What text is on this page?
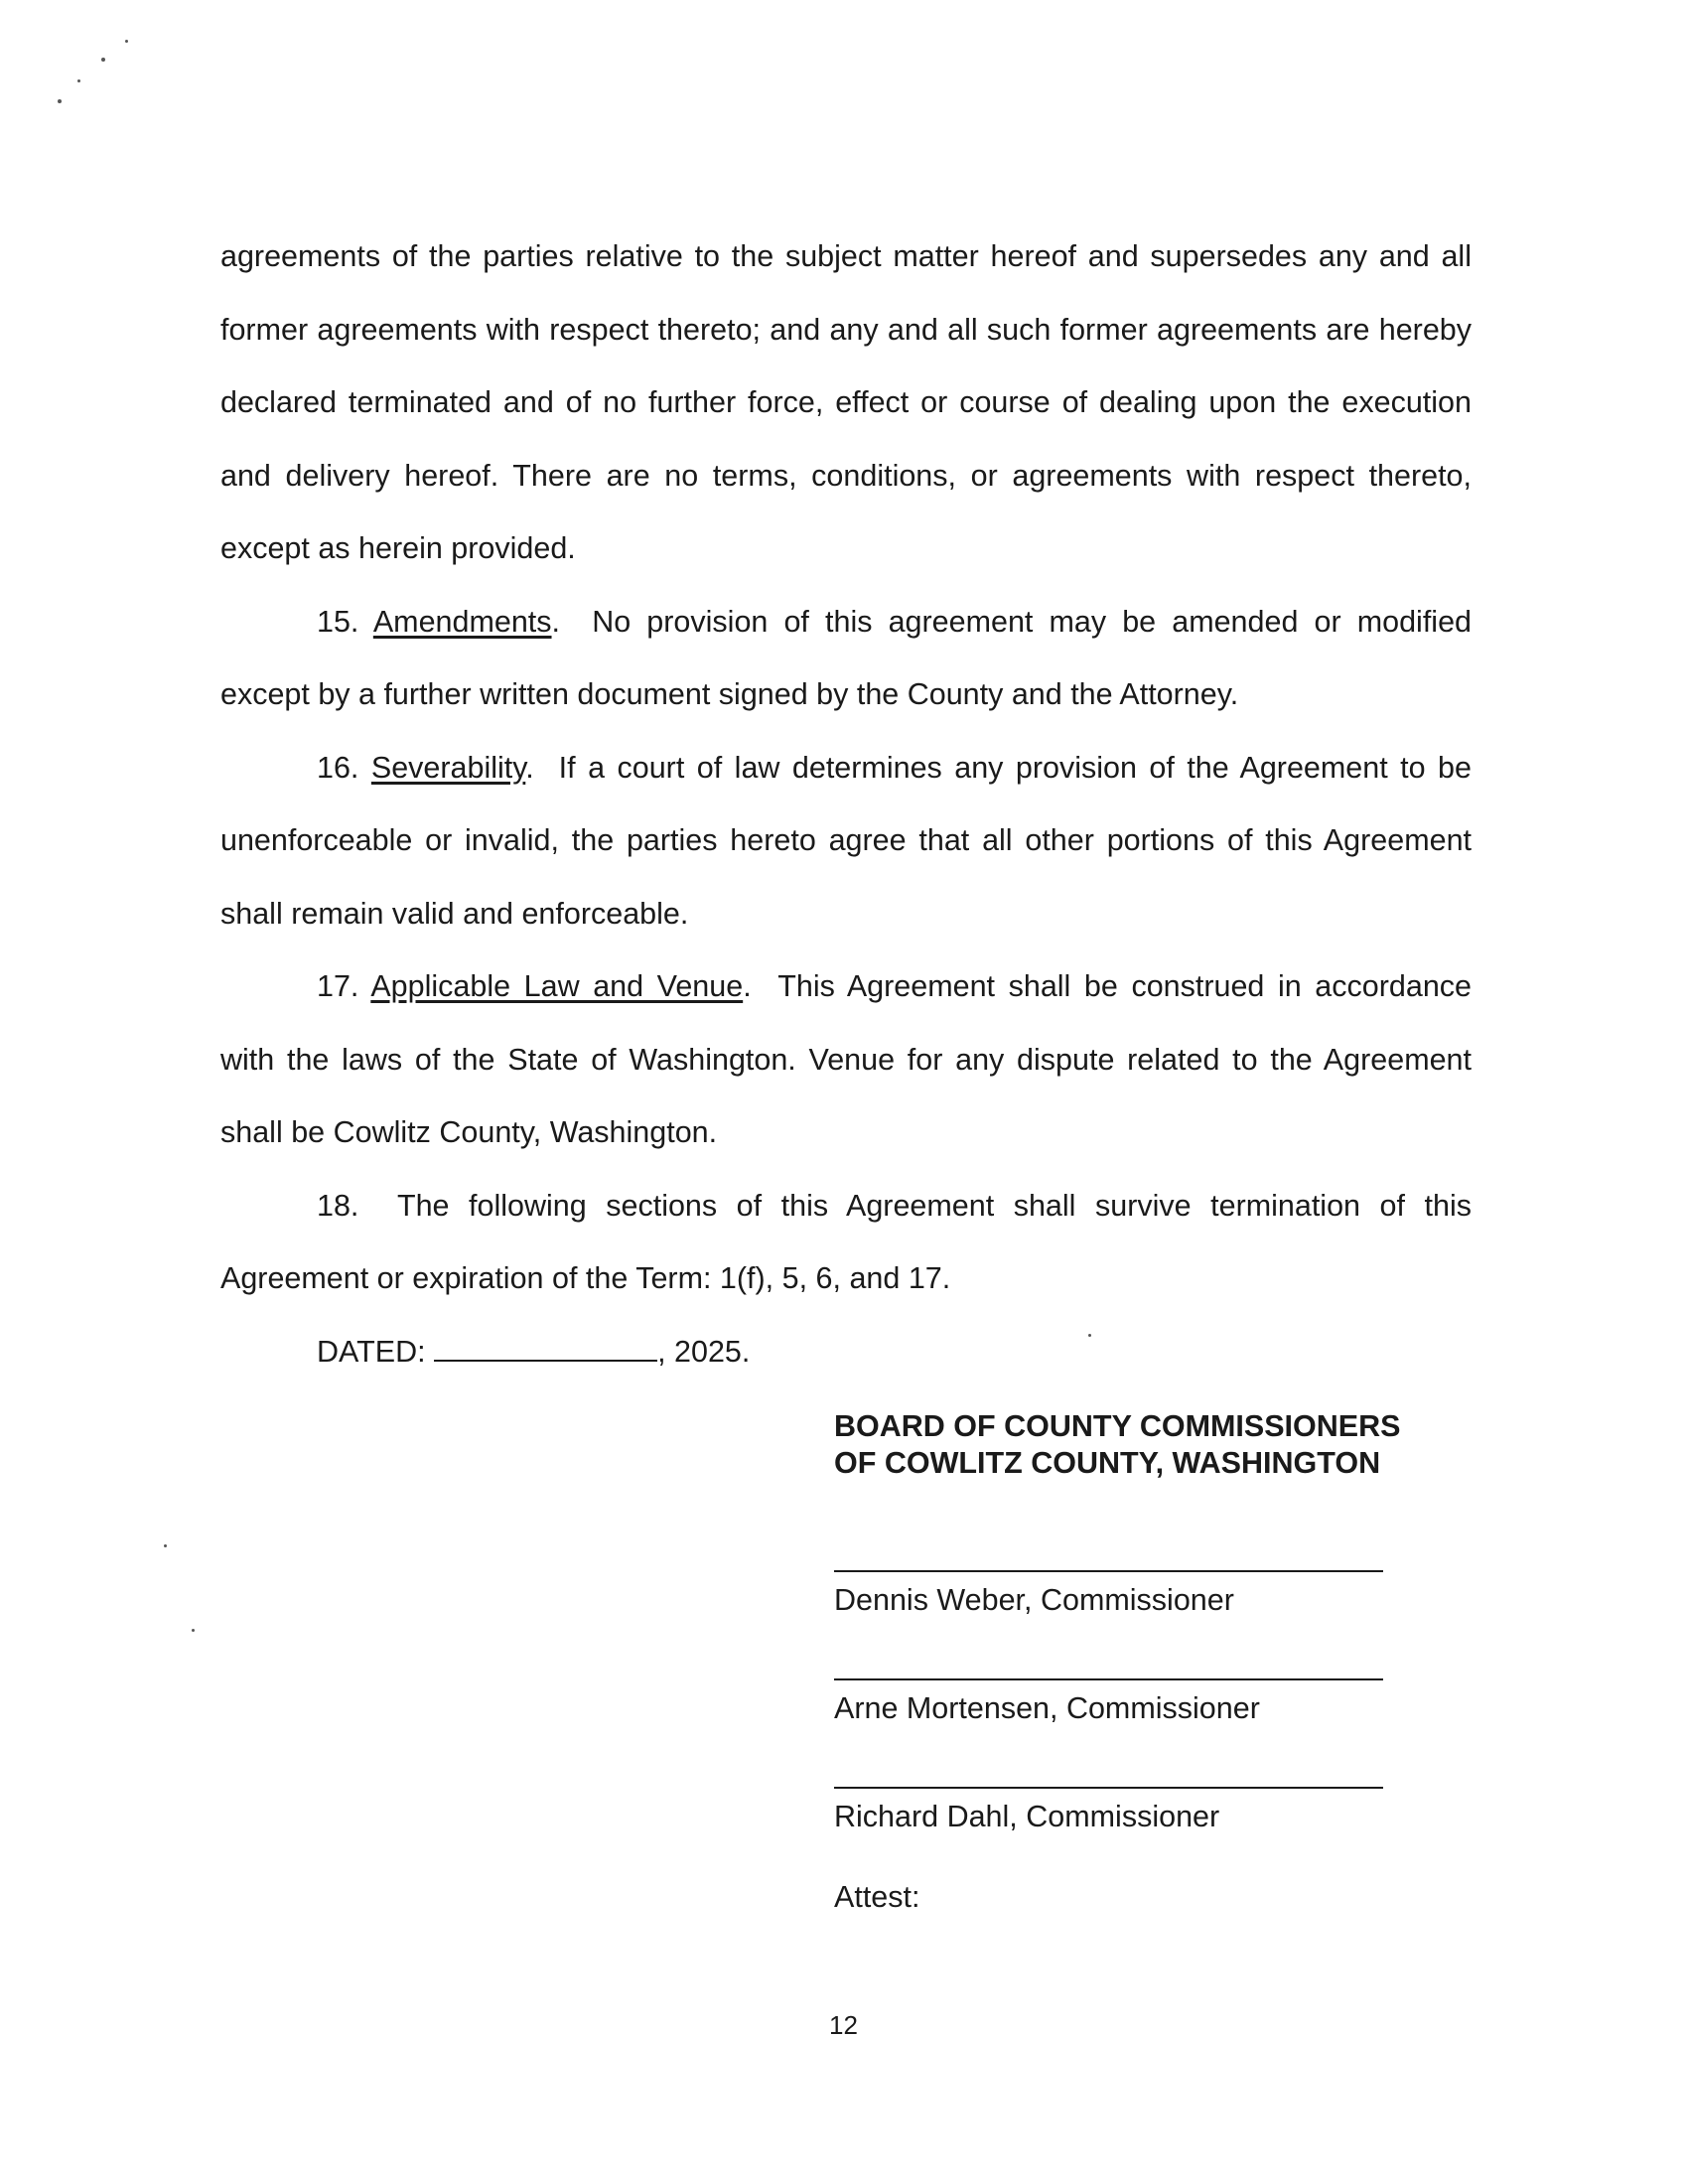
agreements of the parties relative to the subject matter hereof and supersedes any and all former agreements with respect thereto; and any and all such former agreements are hereby declared terminated and of no further force, effect or course of dealing upon the execution and delivery hereof. There are no terms, conditions, or agreements with respect thereto, except as herein provided.

15. Amendments.  No provision of this agreement may be amended or modified except by a further written document signed by the County and the Attorney.

16. Severability.  If a court of law determines any provision of the Agreement to be unenforceable or invalid, the parties hereto agree that all other portions of this Agreement shall remain valid and enforceable.

17. Applicable Law and Venue.  This Agreement shall be construed in accordance with the laws of the State of Washington. Venue for any dispute related to the Agreement shall be Cowlitz County, Washington.

18. The following sections of this Agreement shall survive termination of this Agreement or expiration of the Term: 1(f), 5, 6, and 17.

DATED:	, 2025.

BOARD OF COUNTY COMMISSIONERS
OF COWLITZ COUNTY, WASHINGTON
Dennis Weber, Commissioner
Arne Mortensen, Commissioner
Richard Dahl, Commissioner
Attest:
12
